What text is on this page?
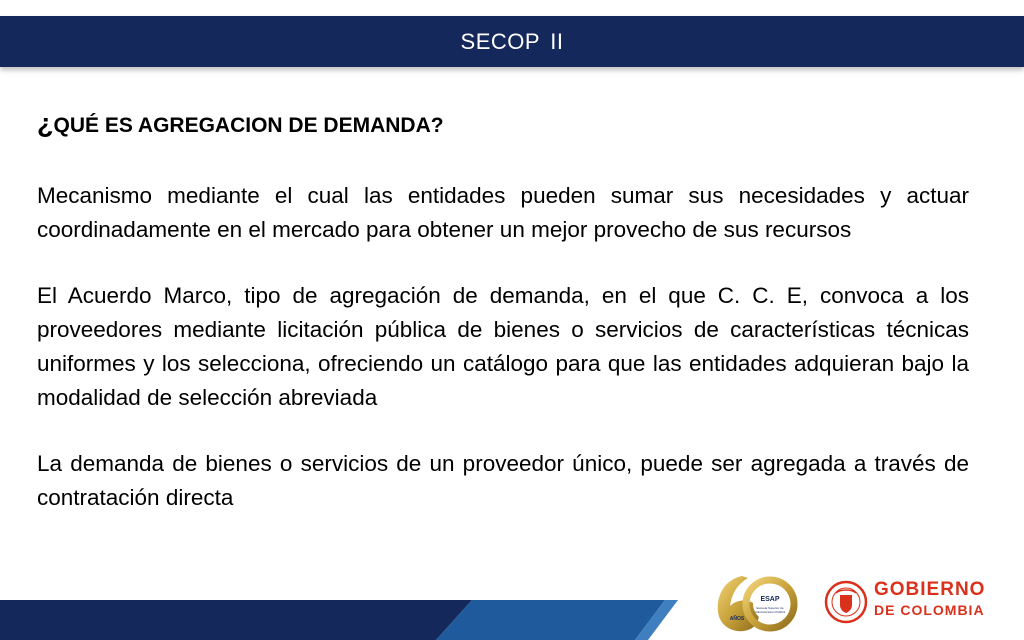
SECOP II
¿QUÉ ES AGREGACION DE DEMANDA?

Mecanismo mediante el cual las entidades pueden sumar sus necesidades y actuar coordinadamente en el mercado para obtener un mejor provecho de sus recursos

El Acuerdo Marco, tipo de agregación de demanda, en el que C. C. E, convoca a los proveedores mediante licitación pública de bienes o servicios de características técnicas uniformes y los selecciona, ofreciendo un catálogo para que las entidades adquieran bajo la modalidad de selección abreviada

La demanda de bienes o servicios de un proveedor único, puede ser agregada a través de contratación directa

ESAP
Escuela Superior de
Administración Pública
AÑOS
GOBIERNO
DE COLOMBIA
